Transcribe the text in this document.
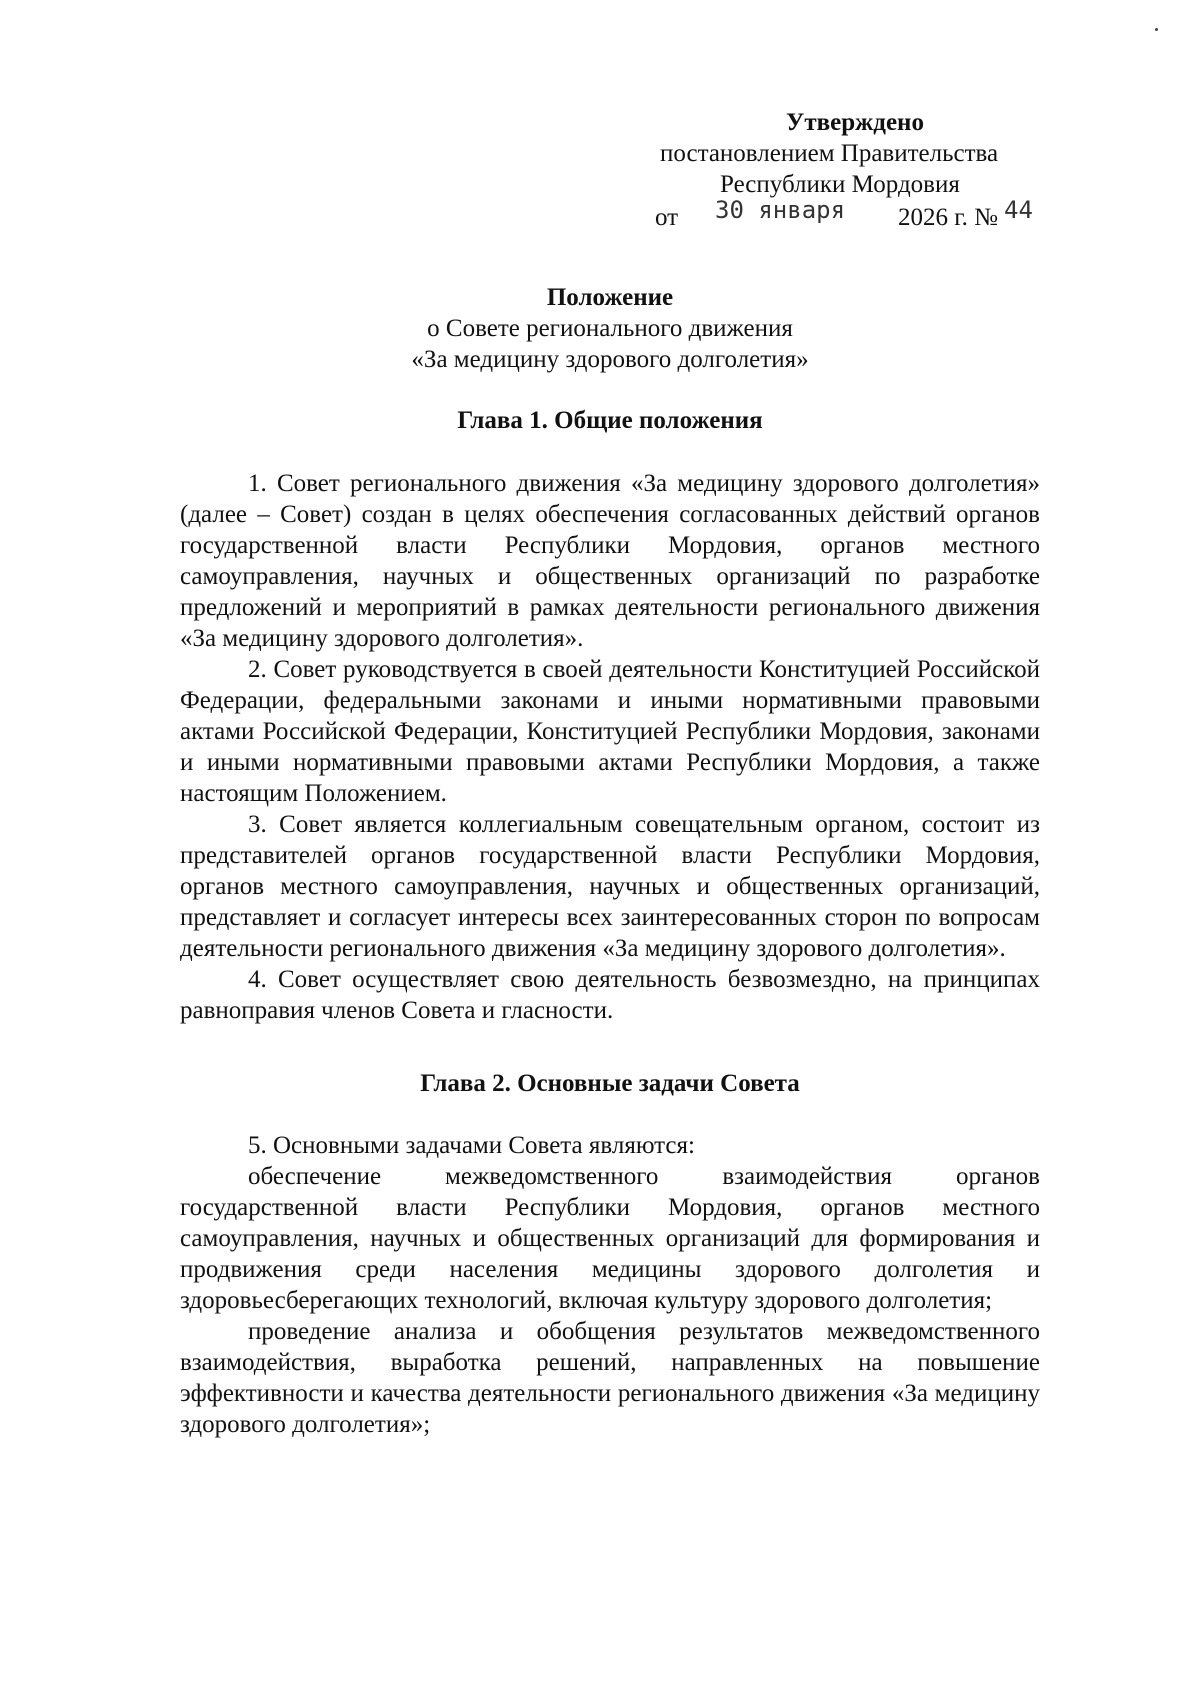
Утверждено
постановлением Правительства
Республики Мордовия
от 30 января 2026 г. № 44
Положение
о Совете регионального движения
«За медицину здорового долголетия»
Глава 1. Общие положения

1. Совет регионального движения «За медицину здорового долголетия» (далее – Совет) создан в целях обеспечения согласованных действий органов государственной власти Республики Мордовия, органов местного самоуправления, научных и общественных организаций по разработке предложений и мероприятий в рамках деятельности регионального движения «За медицину здорового долголетия».

2. Совет руководствуется в своей деятельности Конституцией Российской Федерации, федеральными законами и иными нормативными правовыми актами Российской Федерации, Конституцией Республики Мордовия, законами и иными нормативными правовыми актами Республики Мордовия, а также настоящим Положением.

3. Совет является коллегиальным совещательным органом, состоит из представителей органов государственной власти Республики Мордовия, органов местного самоуправления, научных и общественных организаций, представляет и согласует интересы всех заинтересованных сторон по вопросам деятельности регионального движения «За медицину здорового долголетия».

4. Совет осуществляет свою деятельность безвозмездно, на принципах равноправия членов Совета и гласности.

Глава 2. Основные задачи Совета

5. Основными задачами Совета являются:

обеспечение межведомственного взаимодействия органов государственной власти Республики Мордовия, органов местного самоуправления, научных и общественных организаций для формирования и продвижения среди населения медицины здорового долголетия и здоровьесберегающих технологий, включая культуру здорового долголетия;

проведение анализа и обобщения результатов межведомственного взаимодействия, выработка решений, направленных на повышение эффективности и качества деятельности регионального движения «За медицину здорового долголетия»;
